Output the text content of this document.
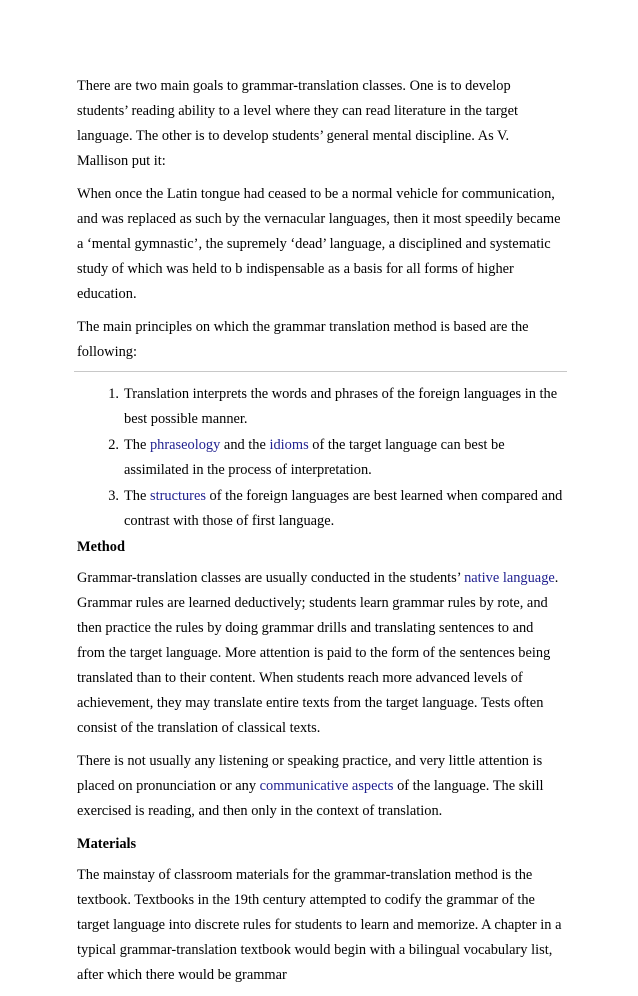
There are two main goals to grammar-translation classes. One is to develop students’ reading ability to a level where they can read literature in the target language. The other is to develop students’ general mental discipline. As V. Mallison put it:

When once the Latin tongue had ceased to be a normal vehicle for communication, and was replaced as such by the vernacular languages, then it most speedily became a ‘mental gymnastic’, the supremely ‘dead’ language, a disciplined and systematic study of which was held to b indispensable as a basis for all forms of higher education.

The main principles on which the grammar translation method is based are the following:

1. Translation interprets the words and phrases of the foreign languages in the best possible manner.
2. The phraseology and the idioms of the target language can best be assimilated in the process of interpretation.
3. The structures of the foreign languages are best learned when compared and contrast with those of first language.
Method

Grammar-translation classes are usually conducted in the students’ native language. Grammar rules are learned deductively; students learn grammar rules by rote, and then practice the rules by doing grammar drills and translating sentences to and from the target language. More attention is paid to the form of the sentences being translated than to their content. When students reach more advanced levels of achievement, they may translate entire texts from the target language. Tests often consist of the translation of classical texts.

There is not usually any listening or speaking practice, and very little attention is placed on pronunciation or any communicative aspects of the language. The skill exercised is reading, and then only in the context of translation.

Materials

The mainstay of classroom materials for the grammar-translation method is the textbook. Textbooks in the 19th century attempted to codify the grammar of the target language into discrete rules for students to learn and memorize. A chapter in a typical grammar-translation textbook would begin with a bilingual vocabulary list, after which there would be grammar
